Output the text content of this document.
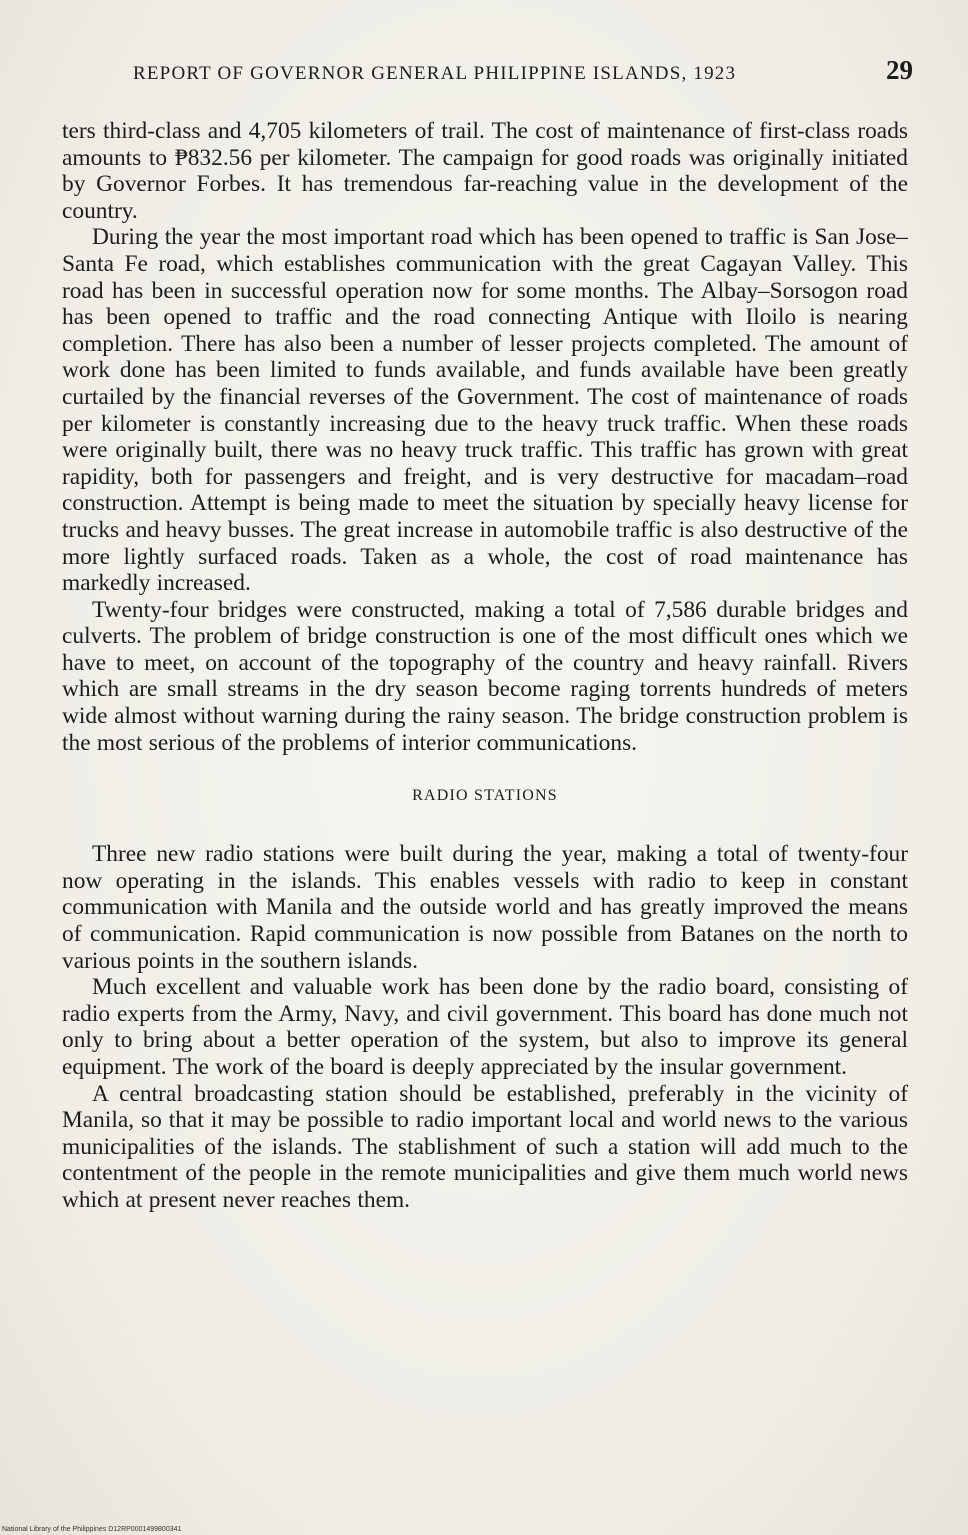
REPORT OF GOVERNOR GENERAL PHILIPPINE ISLANDS, 1923	29

ters third-class and 4,705 kilometers of trail. The cost of maintenance of first-class roads amounts to ₱832.56 per kilometer. The campaign for good roads was originally initiated by Governor Forbes. It has tremendous far-reaching value in the development of the country.

During the year the most important road which has been opened to traffic is San Jose–Santa Fe road, which establishes communication with the great Cagayan Valley. This road has been in successful operation now for some months. The Albay–Sorsogon road has been opened to traffic and the road connecting Antique with Iloilo is nearing completion. There has also been a number of lesser projects completed. The amount of work done has been limited to funds available, and funds available have been greatly curtailed by the financial reverses of the Government. The cost of maintenance of roads per kilometer is constantly increasing due to the heavy truck traffic. When these roads were originally built, there was no heavy truck traffic. This traffic has grown with great rapidity, both for passengers and freight, and is very destructive for macadam–road construction. Attempt is being made to meet the situation by specially heavy license for trucks and heavy busses. The great increase in automobile traffic is also destructive of the more lightly surfaced roads. Taken as a whole, the cost of road maintenance has markedly increased.

Twenty-four bridges were constructed, making a total of 7,586 durable bridges and culverts. The problem of bridge construction is one of the most difficult ones which we have to meet, on account of the topography of the country and heavy rainfall. Rivers which are small streams in the dry season become raging torrents hundreds of meters wide almost without warning during the rainy season. The bridge construction problem is the most serious of the problems of interior communications.

RADIO STATIONS

Three new radio stations were built during the year, making a total of twenty-four now operating in the islands. This enables vessels with radio to keep in constant communication with Manila and the outside world and has greatly improved the means of communication. Rapid communication is now possible from Batanes on the north to various points in the southern islands.

Much excellent and valuable work has been done by the radio board, consisting of radio experts from the Army, Navy, and civil government. This board has done much not only to bring about a better operation of the system, but also to improve its general equipment. The work of the board is deeply appreciated by the insular government.

A central broadcasting station should be established, preferably in the vicinity of Manila, so that it may be possible to radio important local and world news to the various municipalities of the islands. The stablishment of such a station will add much to the contentment of the people in the remote municipalities and give them much world news which at present never reaches them.

National Library of the Philippines D12RP0001499800341
